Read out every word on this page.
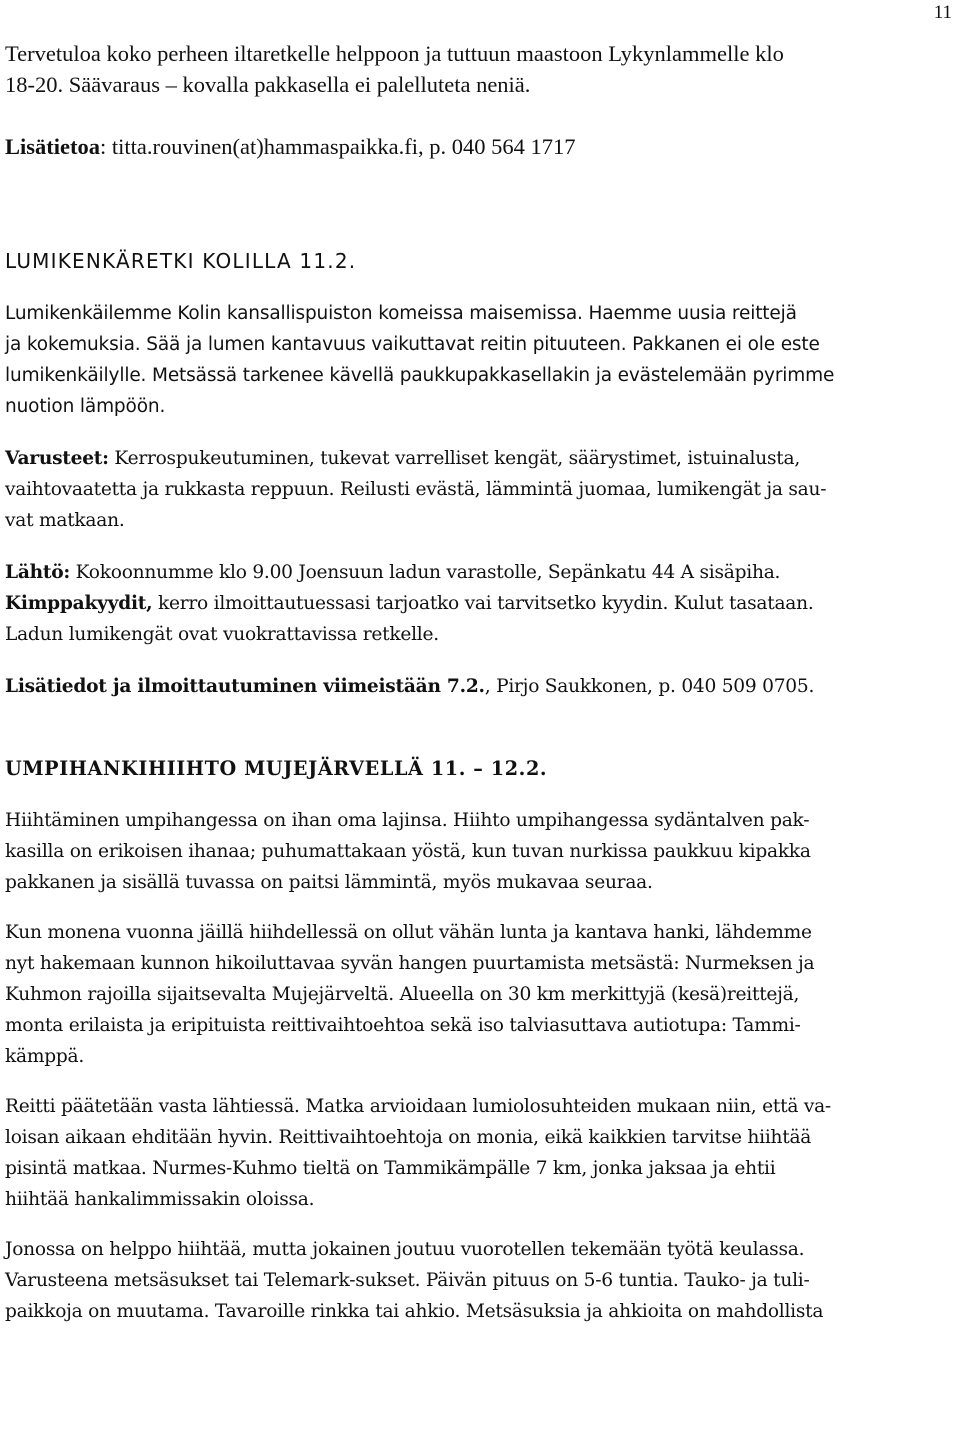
11

Tervetuloa koko perheen iltaretkelle helppoon ja tuttuun maastoon Lykynlammelle klo
18-20. Säävaraus – kovalla pakkasella ei palelluteta neniä.

Lisätietoa: titta.rouvinen(at)hammaspaikka.fi, p. 040 564 1717

LUMIKENKÄRETKI KOLILLA 11.2.

Lumikenkäilemme Kolin kansallispuiston komeissa maisemissa. Haemme uusia reittejä
ja kokemuksia. Sää ja lumen kantavuus vaikuttavat reitin pituuteen. Pakkanen ei ole este
lumikenkäilylle. Metsässä tarkenee kävellä paukkupakkasellakin ja evästelemään pyrimme
nuotion lämpöön.

Varusteet: Kerrospukeutuminen, tukevat varrelliset kengät, säärystimet, istuinalusta,
vaihtovaatetta ja rukkasta reppuun. Reilusti evästä, lämmintä juomaa, lumikengät ja sau-
vat matkaan.

Lähtö: Kokoonnumme klo 9.00 Joensuun ladun varastolle, Sepänkatu 44 A sisäpiha.
Kimppakyydit, kerro ilmoittautuessasi tarjoatko vai tarvitsetko kyydin. Kulut tasataan.
Ladun lumikengät ovat vuokrattavissa retkelle.

Lisätiedot ja ilmoittautuminen viimeistään 7.2., Pirjo Saukkonen, p. 040 509 0705.

UMPIHANKIHIIHTO MUJEJÄRVELLÄ 11. – 12.2.

Hiihtäminen umpihangessa on ihan oma lajinsa. Hiihto umpihangessa sydäntalven pak-
kasilla on erikoisen ihanaa; puhumattakaan yöstä, kun tuvan nurkissa paukkuu kipakka
pakkanen ja sisällä tuvassa on paitsi lämmintä, myös mukavaa seuraa.

Kun monena vuonna jäillä hiihdellessä on ollut vähän lunta ja kantava hanki, lähdemme
nyt hakemaan kunnon hikoiluttavaa syvän hangen puurtamista metsästä: Nurmeksen ja
Kuhmon rajoilla sijaitsevalta Mujejärveltä. Alueella on 30 km merkittyjä (kesä)reittejä,
monta erilaista ja eripituista reittivaihtoehtoa sekä iso talviasuttava autiotupa: Tammi-
kämppä.

Reitti päätetään vasta lähtiessä. Matka arvioidaan lumiolosuhteiden mukaan niin, että va-
loisan aikaan ehditään hyvin. Reittivaihtoehtoja on monia, eikä kaikkien tarvitse hiihtää
pisintä matkaa. Nurmes-Kuhmo tieltä on Tammikämpälle 7 km, jonka jaksaa ja ehtii
hiihtää hankalimmissakin oloissa.

Jonossa on helppo hiihtää, mutta jokainen joutuu vuorotellen tekemään työtä keulassa.
Varusteena metsäsukset tai Telemark-sukset. Päivän pituus on 5-6 tuntia. Tauko- ja tuli-
paikkoja on muutama. Tavaroille rinkka tai ahkio. Metsäsuksia ja ahkioita on mahdollista
